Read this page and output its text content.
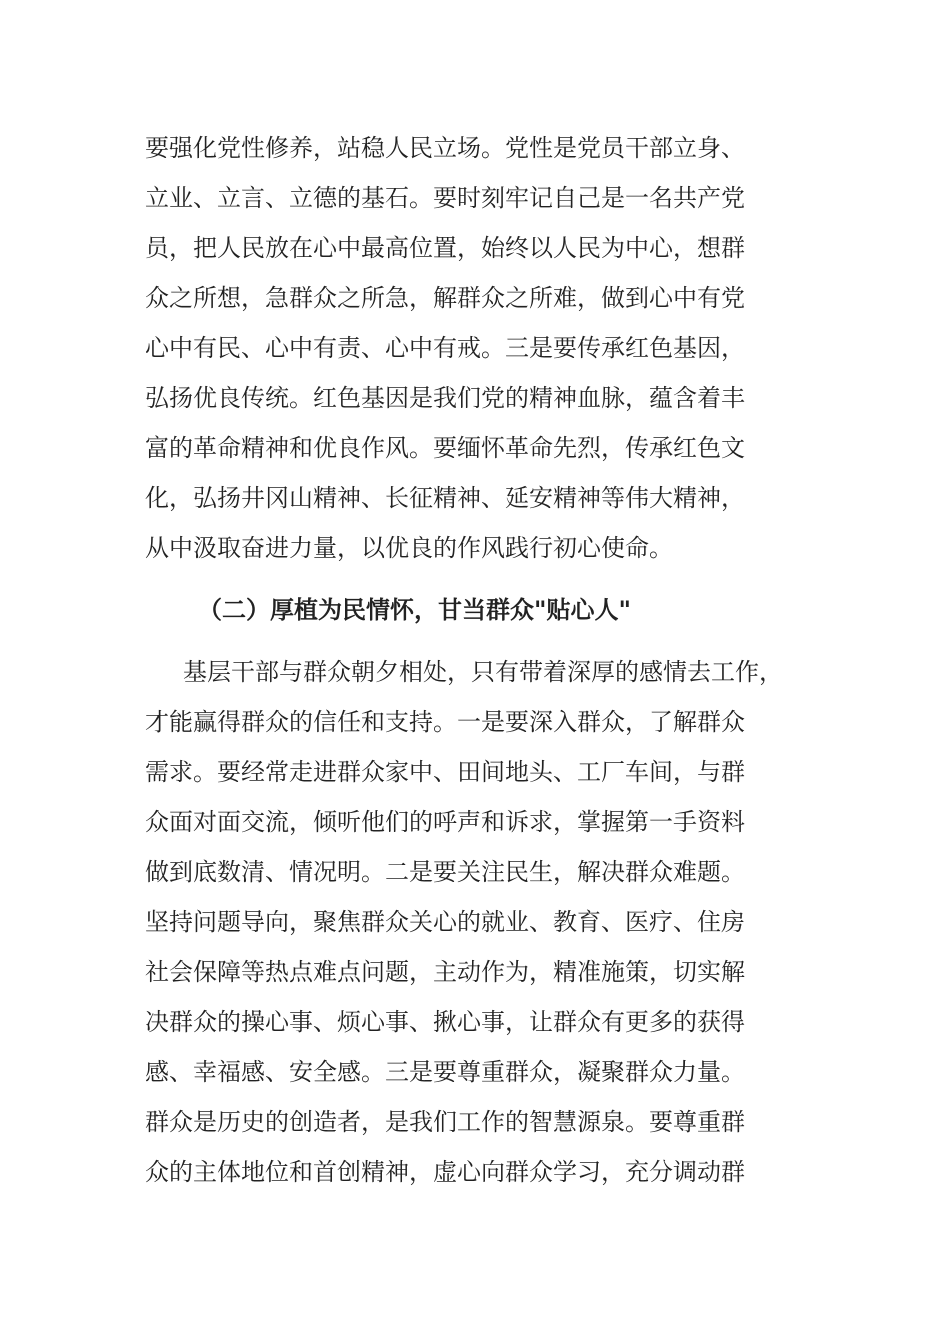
要强化党性修养，站稳人民立场。党性是党员干部立身、
立业、立言、立德的基石。要时刻牢记自己是一名共产党
员，把人民放在心中最高位置，始终以人民为中心，想群
众之所想，急群众之所急，解群众之所难，做到心中有党
心中有民、心中有责、心中有戒。三是要传承红色基因，
弘扬优良传统。红色基因是我们党的精神血脉，蕴含着丰
富的革命精神和优良作风。要缅怀革命先烈，传承红色文
化，弘扬井冈山精神、长征精神、延安精神等伟大精神，
从中汲取奋进力量，以优良的作风践行初心使命。
（二）厚植为民情怀，甘当群众"贴心人"
基层干部与群众朝夕相处，只有带着深厚的感情去工作，
才能赢得群众的信任和支持。一是要深入群众，了解群众
需求。要经常走进群众家中、田间地头、工厂车间，与群
众面对面交流，倾听他们的呼声和诉求，掌握第一手资料
做到底数清、情况明。二是要关注民生，解决群众难题。
坚持问题导向，聚焦群众关心的就业、教育、医疗、住房
社会保障等热点难点问题，主动作为，精准施策，切实解
决群众的操心事、烦心事、揪心事，让群众有更多的获得
感、幸福感、安全感。三是要尊重群众，凝聚群众力量。
群众是历史的创造者，是我们工作的智慧源泉。要尊重群
众的主体地位和首创精神，虚心向群众学习，充分调动群
